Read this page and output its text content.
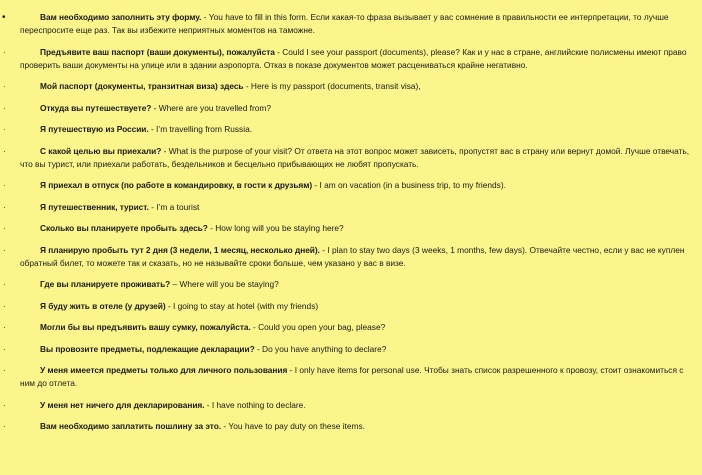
•	Вам необходимо заполнить эту форму. - You have to fill in this form. Если какая-то фраза вызывает у вас сомнение в правильности ее интерпретации, то лучше переспросите еще раз. Так вы избежите неприятных моментов на таможне.
·	Предъявите ваш паспорт (ваши документы), пожалуйста - Could I see your passport (documents), please? Как и у нас в стране, английские полисмены имеют право проверить ваши документы на улице или в здании аэропорта. Отказ в показе документов может расцениваться крайне негативно.
·	Мой паспорт (документы, транзитная виза) здесь - Here is my passport (documents, transit visa),
·	Откуда вы путешествуете? - Where are you travelled from?
·	Я путешествую из России. - I’m travelling from Russia.
·	С какой целью вы приехали? - What is the purpose of your visit? От ответа на этот вопрос может зависеть, пропустят вас в страну или вернут домой. Лучше отвечать, что вы турист, или приехали работать, бездельников и бесцельно прибывающих не любят пропускать.
·	Я приехал в отпуск (по работе в командировку, в гости к друзьям) - I am on vacation (in a business trip, to my friends).
·	Я путешественник, турист. - I’m a tourist
·	Сколько вы планируете пробыть здесь? - How long will you be staying here?
·	Я планирую пробыть тут 2 дня (3 недели, 1 месяц, несколько дней). - I plan to stay two days (3 weeks, 1 months, few days). Отвечайте честно, если у вас не куплен обратный билет, то можете так и сказать, но не называйте сроки больше, чем указано у вас в визе.
·	Где вы планируете проживать? – Where will you be staying?
·	Я буду жить в отеле (у друзей) - I going to stay at hotel (with my friends)
·	Могли бы вы предъявить вашу сумку, пожалуйста. - Could you open your bag, please?
·	Вы провозите предметы, подлежащие декларации? - Do you have anything to declare?
·	У меня имеется предметы только для личного пользования - I only have items for personal use. Чтобы знать список разрешенного к провозу, стоит ознакомиться с ним до отлета.
·	У меня нет ничего для декларирования. - I have nothing to declare.
·	Вам необходимо заплатить пошлину за это. - You have to pay duty on these items.
